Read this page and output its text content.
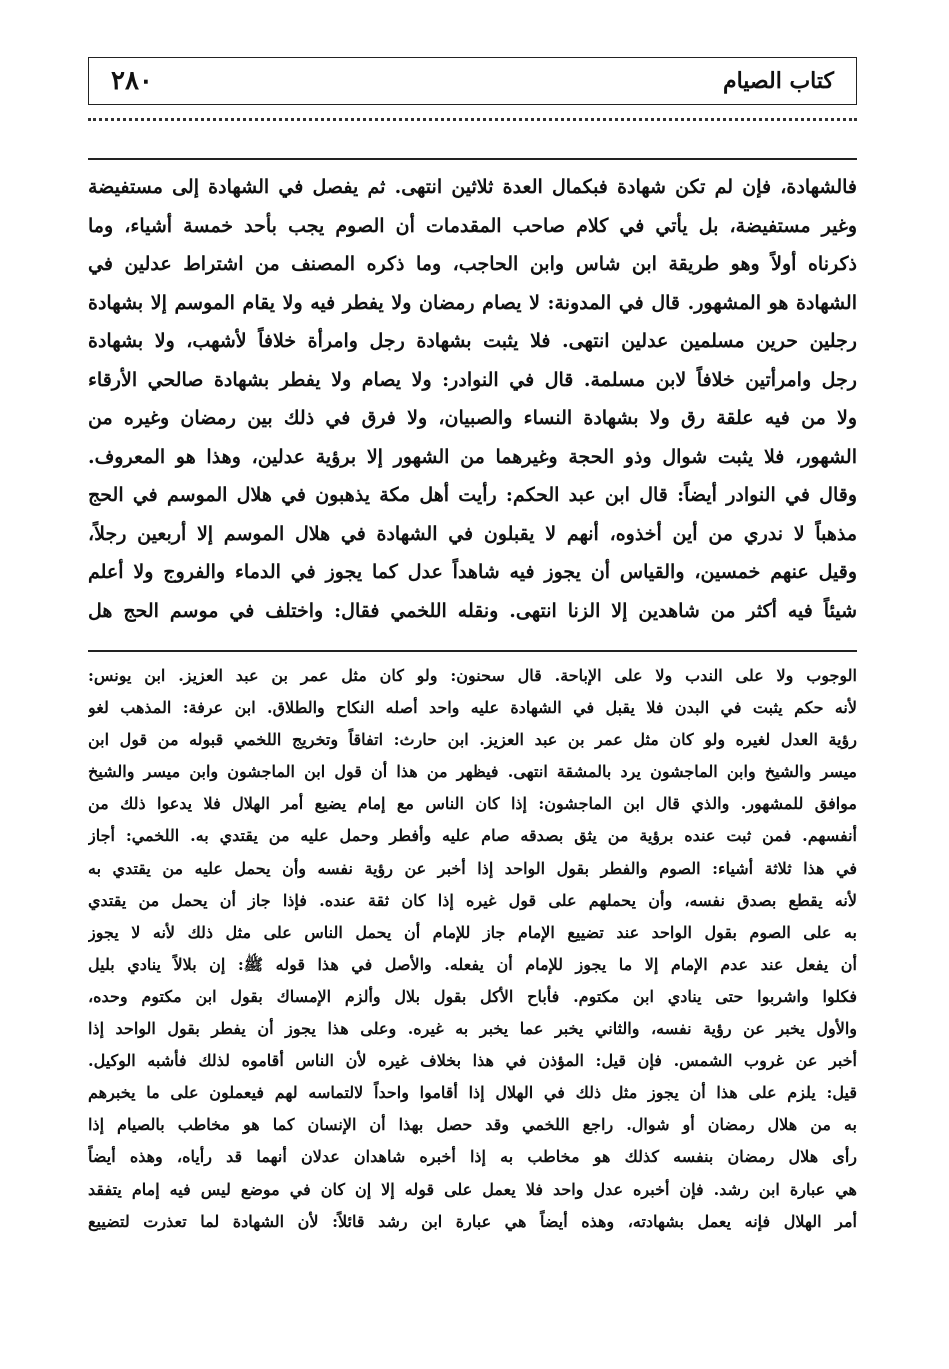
٢٨٠	كتاب الصيام
فالشهادة، فإن لم تكن شهادة فبكمال العدة ثلاثين انتهى. ثم يفصل في الشهادة إلى مستفيضة
وغير مستفيضة، بل يأتي في كلام صاحب المقدمات أن الصوم يجب بأحد خمسة أشياء، وما
ذكرناه أولاً وهو طريقة ابن شاس وابن الحاجب، وما ذكره المصنف من اشتراط عدلين في
الشهادة هو المشهور. قال في المدونة: لا يصام رمضان ولا يفطر فيه ولا يقام الموسم إلا بشهادة
رجلين حرين مسلمين عدلين انتهى. فلا يثبت بشهادة رجل وامرأة خلافاً لأشهب، ولا بشهادة
رجل وامرأتين خلافاً لابن مسلمة. قال في النوادر: ولا يصام ولا يفطر بشهادة صالحي الأرقاء
ولا من فيه علقة رق ولا بشهادة النساء والصبيان، ولا فرق في ذلك بين رمضان وغيره من
الشهور، فلا يثبت شوال وذو الحجة وغيرهما من الشهور إلا برؤية عدلين، وهذا هو المعروف.
وقال في النوادر أيضاً: قال ابن عبد الحكم: رأيت أهل مكة يذهبون في هلال الموسم في الحج
مذهباً لا ندري من أين أخذوه، أنهم لا يقبلون في الشهادة في هلال الموسم إلا أربعين رجلاً،
وقيل عنهم خمسين، والقياس أن يجوز فيه شاهداً عدل كما يجوز في الدماء والفروج ولا أعلم
شيئاً فيه أكثر من شاهدين إلا الزنا انتهى. ونقله اللخمي فقال: واختلف في موسم الحج هل
الوجوب ولا على الندب ولا على الإباحة. قال سحنون: ولو كان مثل عمر بن عبد العزيز. ابن يونس:
لأنه حكم يثبت في البدن فلا يقبل في الشهادة عليه واحد أصله النكاح والطلاق. ابن عرفة: المذهب لغو
رؤية العدل لغيره ولو كان مثل عمر بن عبد العزيز. ابن حارث: اتفاقاً وتخريج اللخمي قبوله من قول ابن
ميسر والشيخ وابن الماجشون يرد بالمشقة انتهى. فيظهر من هذا أن قول ابن الماجشون وابن ميسر والشيخ
موافق للمشهور. والذي قال ابن الماجشون: إذا كان الناس مع إمام يضيع أمر الهلال فلا يدعوا ذلك من
أنفسهم. فمن ثبت عنده برؤية من يثق بصدقه صام عليه وأفطر وحمل عليه من يقتدي به. اللخمي: أجاز
في هذا ثلاثة أشياء: الصوم والفطر بقول الواحد إذا أخبر عن رؤية نفسه وأن يحمل عليه من يقتدي به
لأنه يقطع بصدق نفسه، وأن يحملهم على قول غيره إذا كان ثقة عنده. فإذا جاز أن يحمل من يقتدي
به على الصوم بقول الواحد عند تضييع الإمام جاز للإمام أن يحمل الناس على مثل ذلك لأنه لا يجوز
أن يفعل عند عدم الإمام إلا ما يجوز للإمام أن يفعله. والأصل في هذا قوله ﷺ: إن بلالاً ينادي بليل
فكلوا واشربوا حتى ينادي ابن مكتوم. فأباح الأكل بقول بلال وألزم الإمساك بقول ابن مكتوم وحده،
والأول يخبر عن رؤية نفسه، والثاني يخبر عما يخبر به غيره. وعلى هذا يجوز أن يفطر بقول الواحد إذا
أخبر عن غروب الشمس. فإن قيل: المؤذن في هذا بخلاف غيره لأن الناس أقاموه لذلك فأشبه الوكيل.
قيل: يلزم على هذا أن يجوز مثل ذلك في الهلال إذا أقاموا واحداً لالتماسه لهم فيعملون على ما يخبرهم
به من هلال رمضان أو شوال. راجع اللخمي وقد حصل بهذا أن الإنسان كما هو مخاطب بالصيام إذا
رأى هلال رمضان بنفسه كذلك هو مخاطب به إذا أخبره شاهدان عدلان أنهما قد رأياه، وهذه أيضاً
هي عبارة ابن رشد. فإن أخبره عدل واحد فلا يعمل على قوله إلا إن كان في موضع ليس فيه إمام يتفقد
أمر الهلال فإنه يعمل بشهادته، وهذه أيضاً هي عبارة ابن رشد قائلاً: لأن الشهادة لما تعذرت لتضييع
